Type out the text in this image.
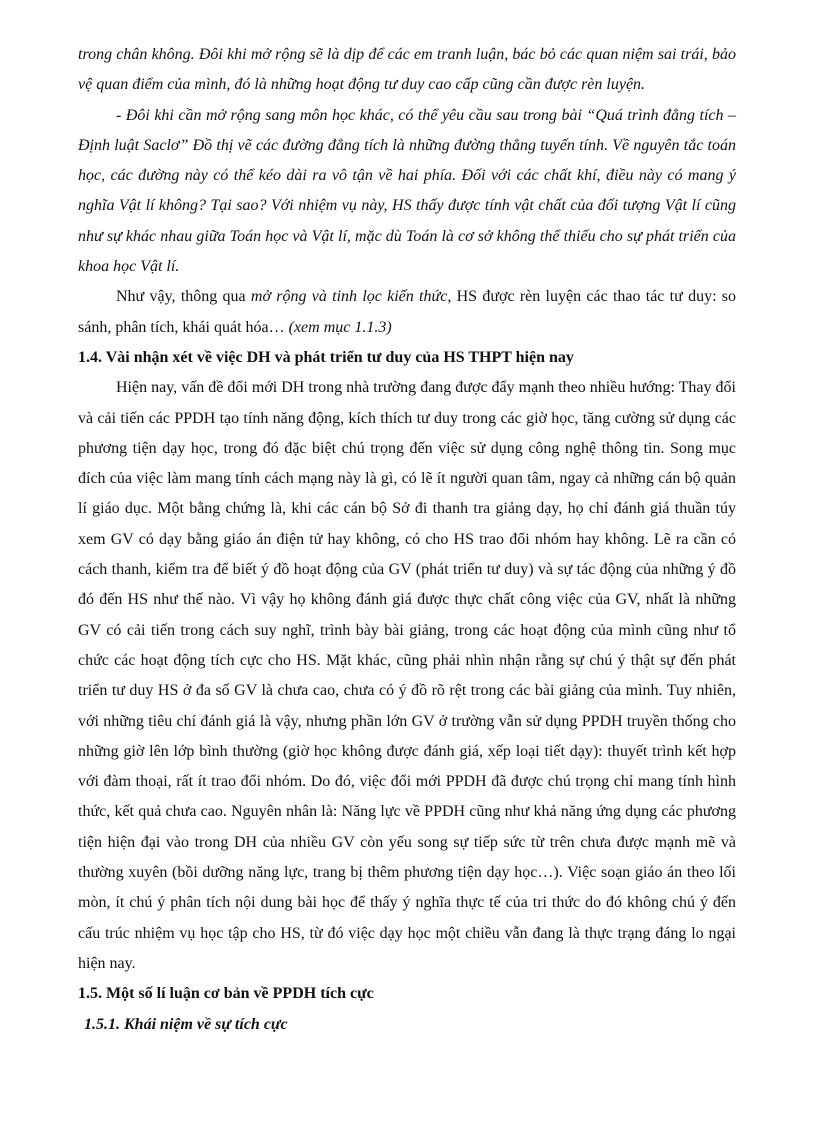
trong chân không. Đôi khi mở rộng sẽ là dịp để các em tranh luận, bác bỏ các quan niệm sai trái, bảo vệ quan điểm của mình, đó là những hoạt động tư duy cao cấp cũng cần được rèn luyện.

- Đôi khi cần mở rộng sang môn học khác, có thể yêu cầu sau trong bài “Quá trình đẳng tích – Định luật Saclơ” Đồ thị vẽ các đường đẳng tích là những đường thẳng tuyến tính. Về nguyên tắc toán học, các đường này có thể kéo dài ra vô tận về hai phía. Đối với các chất khí, điều này có mang ý nghĩa Vật lí không? Tại sao? Với nhiệm vụ này, HS thấy được tính vật chất của đối tượng Vật lí cũng như sự khác nhau giữa Toán học và Vật lí, mặc dù Toán là cơ sở không thể thiếu cho sự phát triển của khoa học Vật lí.

Như vậy, thông qua mở rộng và tinh lọc kiến thức, HS được rèn luyện các thao tác tư duy: so sánh, phân tích, khái quát hóa… (xem mục 1.1.3)

1.4. Vài nhận xét về việc DH và phát triển tư duy của HS THPT hiện nay

Hiện nay, vấn đề đổi mới DH trong nhà trường đang được đẩy mạnh theo nhiều hướng: Thay đổi và cải tiến các PPDH tạo tính năng động, kích thích tư duy trong các giờ học, tăng cường sử dụng các phương tiện dạy học, trong đó đặc biệt chú trọng đến việc sử dụng công nghệ thông tin. Song mục đích của việc làm mang tính cách mạng này là gì, có lẽ ít người quan tâm, ngay cả những cán bộ quản lí giáo dục. Một bằng chứng là, khi các cán bộ Sở đi thanh tra giảng dạy, họ chỉ đánh giá thuần túy xem GV có dạy bằng giáo án điện tử hay không, có cho HS trao đổi nhóm hay không. Lẽ ra cần có cách thanh, kiểm tra để biết ý đồ hoạt động của GV (phát triển tư duy) và sự tác động của những ý đồ đó đến HS như thế nào. Vì vậy họ không đánh giá được thực chất công việc của GV, nhất là những GV có cải tiến trong cách suy nghĩ, trình bày bài giảng, trong các hoạt động của mình cũng như tổ chức các hoạt động tích cực cho HS. Mặt khác, cũng phải nhìn nhận rằng sự chú ý thật sự đến phát triển tư duy HS ở đa số GV là chưa cao, chưa có ý đồ rõ rệt trong các bài giảng của mình. Tuy nhiên, với những tiêu chí đánh giá là vậy, nhưng phần lớn GV ở trường vẫn sử dụng PPDH truyền thống cho những giờ lên lớp bình thường (giờ học không được đánh giá, xếp loại tiết dạy): thuyết trình kết hợp với đàm thoại, rất ít trao đổi nhóm. Do đó, việc đổi mới PPDH đã được chú trọng chỉ mang tính hình thức, kết quả chưa cao. Nguyên nhân là: Năng lực về PPDH cũng như khả năng ứng dụng các phương tiện hiện đại vào trong DH của nhiều GV còn yếu song sự tiếp sức từ trên chưa được mạnh mẽ và thường xuyên (bồi dưỡng năng lực, trang bị thêm phương tiện dạy học…). Việc soạn giáo án theo lối mòn, ít chú ý phân tích nội dung bài học để thấy ý nghĩa thực tế của tri thức do đó không chú ý đến cấu trúc nhiệm vụ học tập cho HS, từ đó việc dạy học một chiều vẫn đang là thực trạng đáng lo ngại hiện nay.

1.5. Một số lí luận cơ bản về PPDH tích cực

1.5.1. Khái niệm về sự tích cực
